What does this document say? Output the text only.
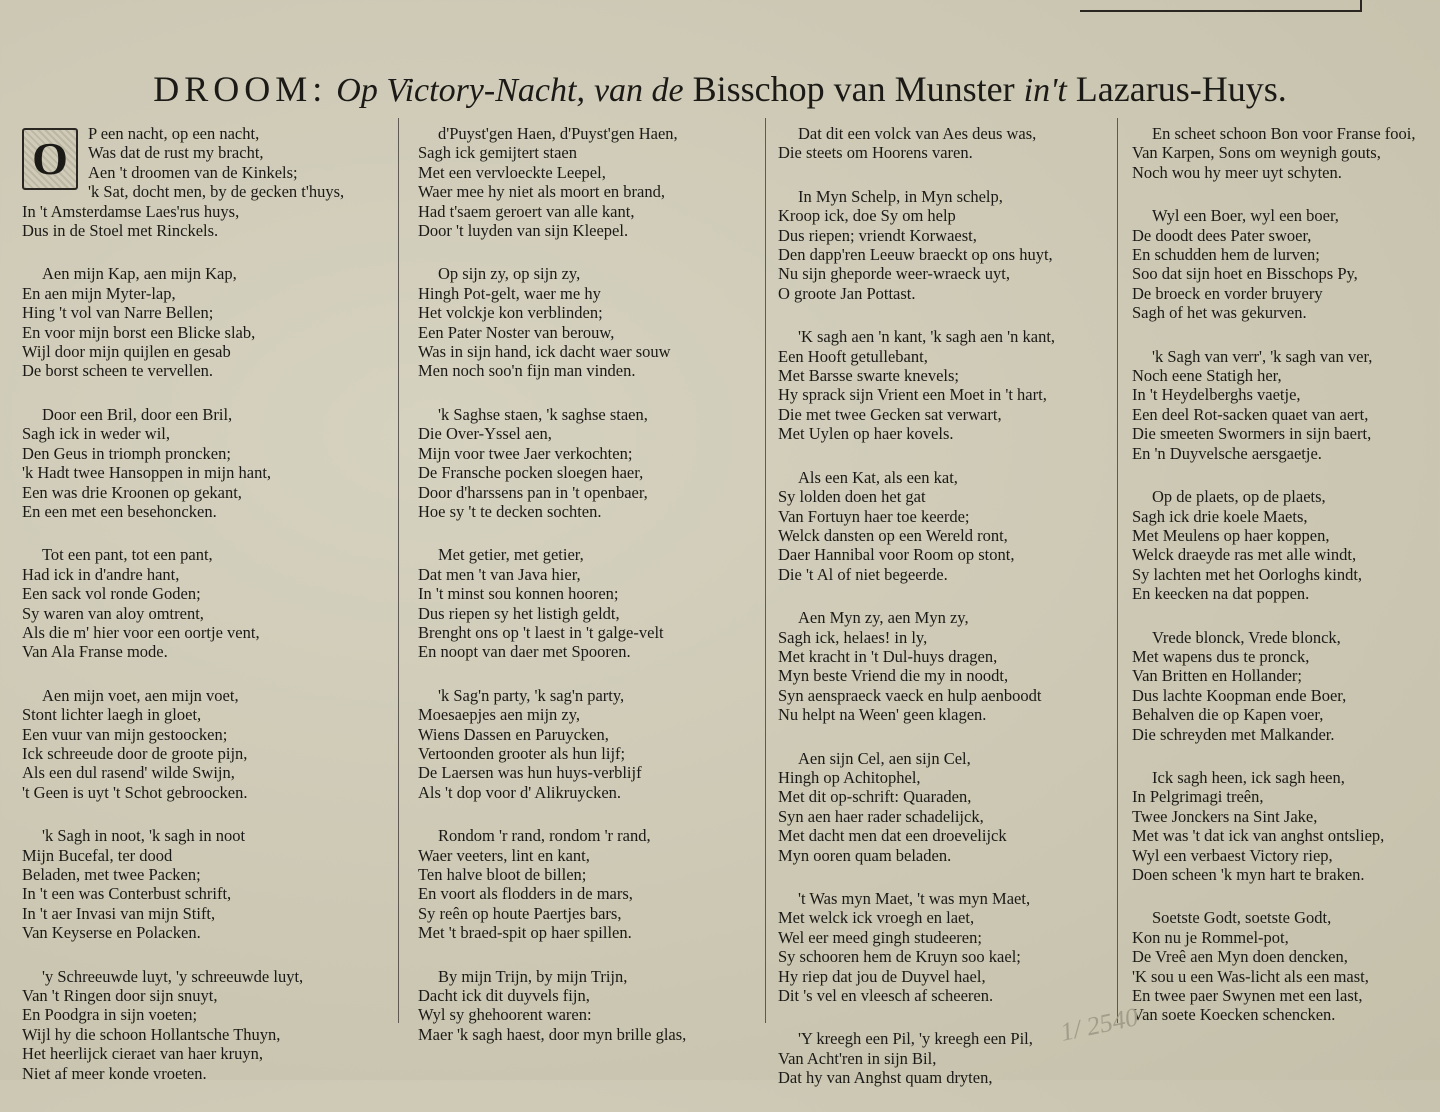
DROOM: Op Victory-Nacht, van de Bisschop van Munster in't Lazarus-Huys.
O	P een nacht, op een nacht,
Was dat de rust my bracht,
Aen 't droomen van de Kinkels;
'k Sat, docht men, by de gecken t'huys,
In 't Amsterdamse Laes'rus huys,
Dus in de Stoel met Rinckels.
Aen mijn Kap, aen mijn Kap,
En aen mijn Myter-lap,
Hing 't vol van Narre Bellen;
En voor mijn borst een Blicke slab,
Wijl door mijn quijlen en gesab
De borst scheen te vervellen.
Door een Bril, door een Bril,
Sagh ick in weder wil,
Den Geus in triomph proncken;
'k Hadt twee Hansoppen in mijn hant,
Een was drie Kroonen op gekant,
En een met een besehoncken.
Tot een pant, tot een pant,
Had ick in d'andre hant,
Een sack vol ronde Goden;
Sy waren van aloy omtrent,
Als die m' hier voor een oortje vent,
Van Ala Fransе mode.
Aen mijn voet, aen mijn voet,
Stont lichter laegh in gloet,
Een vuur van mijn gestoocken;
Ick schreeude door de groote pijn,
Als een dul rasend' wilde Swijn,
't Geen is uyt 't Schot gebroocken.
'k Sagh in noot, 'k sagh in noot
Mijn Bucefal, ter dood
Beladen, met twee Packen;
In 't een was Conterbust schrift,
In 't aer Invasi van mijn Stift,
Van Keyserse en Polacken.
'y Schreeuwde luyt, 'y schreeuwde luyt,
Van 't Ringen door sijn snuyt,
En Poodgra in sijn voeten;
Wijl hy die schoon Hollantsche Thuyn,
Het heerlijck cieraet van haer kruyn,
Niet af meer konde vroeten.
d'Puyst'gen Haen, d'Puyst'gen Haen,
Sagh ick gemijtert staen
Met een vervloeckte Leepel,
Waer mee hy niet als moort en brand,
Had t'saem geroert van alle kant,
Door 't luyden van sijn Kleepel.
Op sijn zy, op sijn zy,
Hingh Pot-gelt, waer me hy
Het volckje kon verblinden;
Een Pater Noster van berouw,
Was in sijn hand, ick dacht waer souw
Men noch soo'n fijn man vinden.
'k Saghse staen, 'k saghse staen,
Die Over-Yssel aen,
Mijn voor twee Jaer verkochten;
De Fransche pocken sloegen haer,
Door d'harssens pan in 't openbaer,
Hoe sy 't te decken sochten.
Met getier, met getier,
Dat men 't van Java hier,
In 't minst sou konnen hooren;
Dus riepen sy het listigh geldt,
Brenght ons op 't laest in 't galge-velt
En noopt van daer met Spooren.
'k Sag'n party, 'k sag'n party,
Moesaepjes aen mijn zy,
Wiens Dassen en Paruycken,
Vertoonden grooter als hun lijf;
De Laersen was hun huys-verblijf
Als 't dop voor d' Alikruycken.
Rondom 'r rand, rondom 'r rand,
Waer veeters, lint en kant,
Ten halve bloot de billen;
En voort als flodders in de mars,
Sy reên op houte Paertjes bars,
Met 't braed-spit op haer spillen.
By mijn Trijn, by mijn Trijn,
Dacht ick dit duyvels fijn,
Wyl sy ghehoorent waren:
Maer 'k sagh haest, door myn brille glas,
Dat dit een volck van Aes deus was,
Die steets om Hoorens varen.
In Myn Schelp, in Myn schelp,
Kroop ick, doe Sy om help
Dus riepen; vriendt Korwaest,
Den dapp'ren Leeuw braeckt op ons huyt,
Nu sijn gheporde weer-wraeck uyt,
O groote Jan Pottast.
'K sagh aen 'n kant, 'k sagh aen 'n kant,
Een Hooft getullebant,
Met Barsse swarte knevels;
Hy sprack sijn Vrient een Moet in 't hart,
Die met twee Gecken sat verwart,
Met Uylen op haer kovels.
Als een Kat, als een kat,
Sy lolden doen het gat
Van Fortuyn haer toe keerde;
Welck dansten op een Wereld ront,
Daer Hannibal voor Room op stont,
Die 't Al of niet begeerde.
Aen Myn zy, aen Myn zy,
Sagh ick, helaes! in ly,
Met kracht in 't Dul-huys dragen,
Myn beste Vriend die my in noodt,
Syn aensprаeck vaeck en hulp aenboodt
Nu helpt na Ween' geen klagen.
Aen sijn Cel, aen sijn Cel,
Hingh op Achitophel,
Met dit op-schrift: Quaraden,
Syn aen haer rader schadelijck,
Met dacht men dat een droevelijck
Myn ooren quam beladen.
't Was myn Maet, 't was myn Maet,
Met welck ick vroegh en laet,
Wel eer meed gingh studeeren;
Sy schooren hem de Kruyn soo kael;
Hy riep dat jou de Duyvel hael,
Dit 's vel en vleesch af scheeren.
'Y kreegh een Pil, 'y kreegh een Pil,
Van Acht'ren in sijn Bil,
Dat hy van Anghst quam dryten,
En scheet schoon Bon voor Franse fooi,
Van Karpen, Sons om weynigh gouts,
Noch wou hy meer uyt schyten.
Wyl een Boer, wyl een boer,
De doodt dees Pater swoer,
En schudden hem de lurven;
Soo dat sijn hoet en Bisschops Py,
De broeck en vorder bruyery
Sagh of het was gekurven.
'k Sagh van verr', 'k sagh van ver,
Noch eene Statigh her,
In 't Heydelberghs vaetje,
Een deel Rot-sacken quaet van aert,
Die smeeten Swormers in sijn baert,
En 'n Duyvelsche aersgaetje.
Op de plaets, op de plaets,
Sagh ick drie koele Maets,
Met Meulens op haer koppen,
Welck draeyde ras met alle windt,
Sy lachten met het Oorloghs kindt,
En keecken na dat poppen.
Vrede blonck, Vrede blonck,
Met wapens dus te pronck,
Van Britten en Hollander;
Dus lachte Koopman ende Boer,
Behalven die op Kapen voer,
Die schreyden met Malkander.
Ick sagh heen, ick sagh heen,
In Pelgrimagi treên,
Twee Jonckers na Sint Jake,
Met was 't dat ick van anghst ontsliep,
Wyl een verbaest Victory riep,
Doen scheen 'k myn hart te braken.
Soetste Godt, soetste Godt,
Kon nu je Rommel-pot,
De Vreê aen Myn doen dencken,
'K sou u een Was-licht als een mast,
En twee paer Swynen met een last,
Van soete Koecken schencken.
1/ 2540
